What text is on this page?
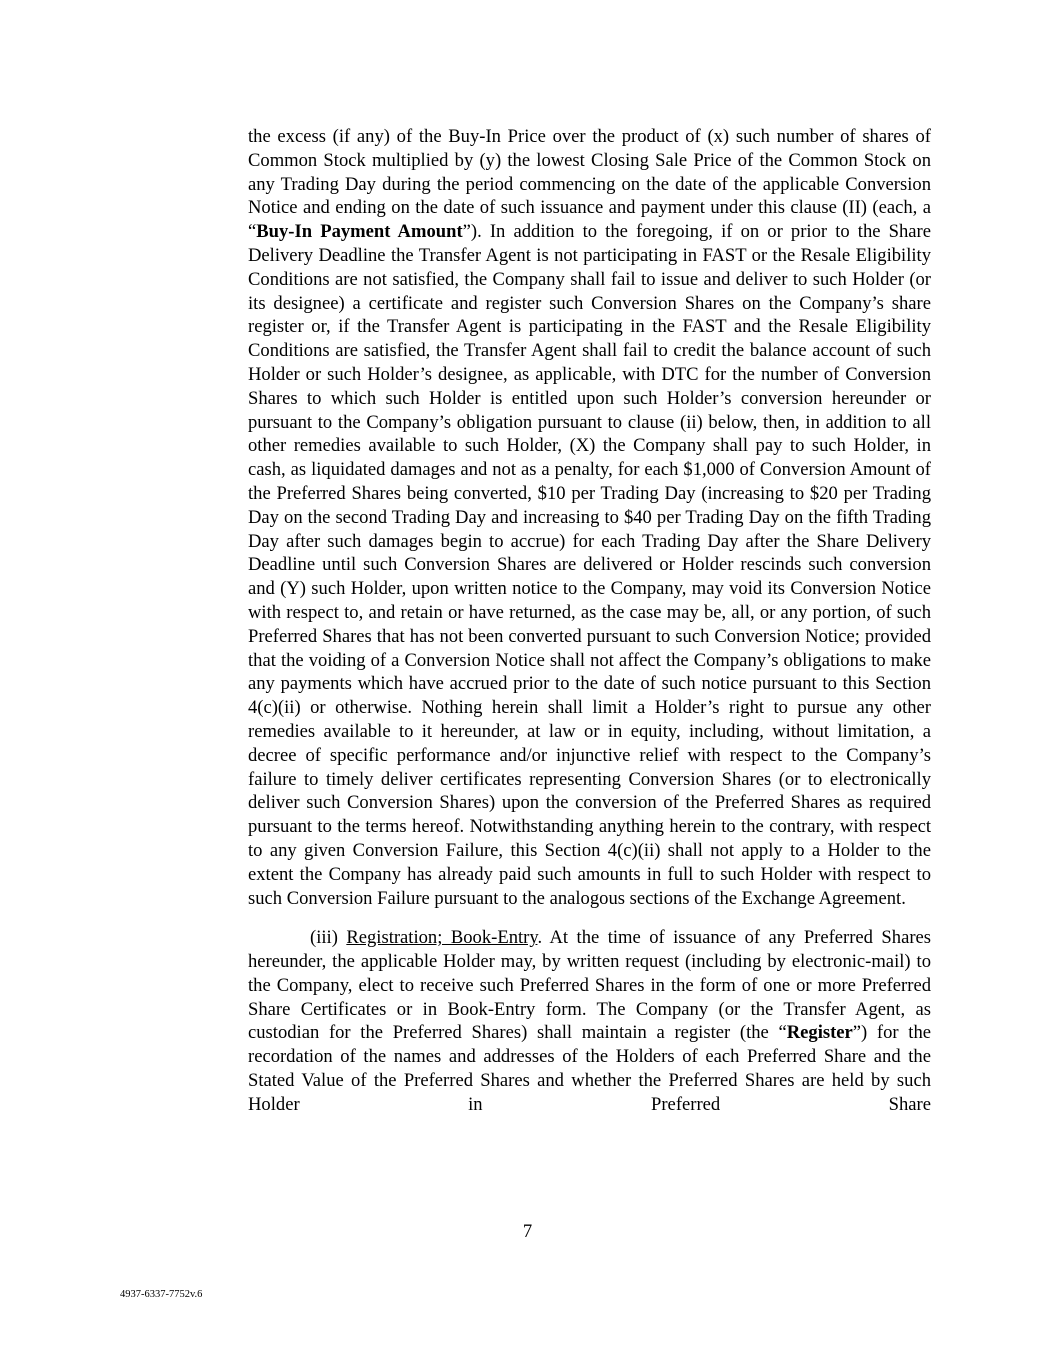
the excess (if any) of the Buy-In Price over the product of (x) such number of shares of Common Stock multiplied by (y) the lowest Closing Sale Price of the Common Stock on any Trading Day during the period commencing on the date of the applicable Conversion Notice and ending on the date of such issuance and payment under this clause (II) (each, a “Buy-In Payment Amount”). In addition to the foregoing, if on or prior to the Share Delivery Deadline the Transfer Agent is not participating in FAST or the Resale Eligibility Conditions are not satisfied, the Company shall fail to issue and deliver to such Holder (or its designee) a certificate and register such Conversion Shares on the Company’s share register or, if the Transfer Agent is participating in the FAST and the Resale Eligibility Conditions are satisfied, the Transfer Agent shall fail to credit the balance account of such Holder or such Holder’s designee, as applicable, with DTC for the number of Conversion Shares to which such Holder is entitled upon such Holder’s conversion hereunder or pursuant to the Company’s obligation pursuant to clause (ii) below, then, in addition to all other remedies available to such Holder, (X) the Company shall pay to such Holder, in cash, as liquidated damages and not as a penalty, for each $1,000 of Conversion Amount of the Preferred Shares being converted, $10 per Trading Day (increasing to $20 per Trading Day on the second Trading Day and increasing to $40 per Trading Day on the fifth Trading Day after such damages begin to accrue) for each Trading Day after the Share Delivery Deadline until such Conversion Shares are delivered or Holder rescinds such conversion and (Y) such Holder, upon written notice to the Company, may void its Conversion Notice with respect to, and retain or have returned, as the case may be, all, or any portion, of such Preferred Shares that has not been converted pursuant to such Conversion Notice; provided that the voiding of a Conversion Notice shall not affect the Company’s obligations to make any payments which have accrued prior to the date of such notice pursuant to this Section 4(c)(ii) or otherwise. Nothing herein shall limit a Holder’s right to pursue any other remedies available to it hereunder, at law or in equity, including, without limitation, a decree of specific performance and/or injunctive relief with respect to the Company’s failure to timely deliver certificates representing Conversion Shares (or to electronically deliver such Conversion Shares) upon the conversion of the Preferred Shares as required pursuant to the terms hereof. Notwithstanding anything herein to the contrary, with respect to any given Conversion Failure, this Section 4(c)(ii) shall not apply to a Holder to the extent the Company has already paid such amounts in full to such Holder with respect to such Conversion Failure pursuant to the analogous sections of the Exchange Agreement.

(iii) Registration; Book-Entry. At the time of issuance of any Preferred Shares hereunder, the applicable Holder may, by written request (including by electronic-mail) to the Company, elect to receive such Preferred Shares in the form of one or more Preferred Share Certificates or in Book-Entry form. The Company (or the Transfer Agent, as custodian for the Preferred Shares) shall maintain a register (the “Register”) for the recordation of the names and addresses of the Holders of each Preferred Share and the Stated Value of the Preferred Shares and whether the Preferred Shares are held by such Holder in Preferred Share

7
4937-6337-7752v.6
